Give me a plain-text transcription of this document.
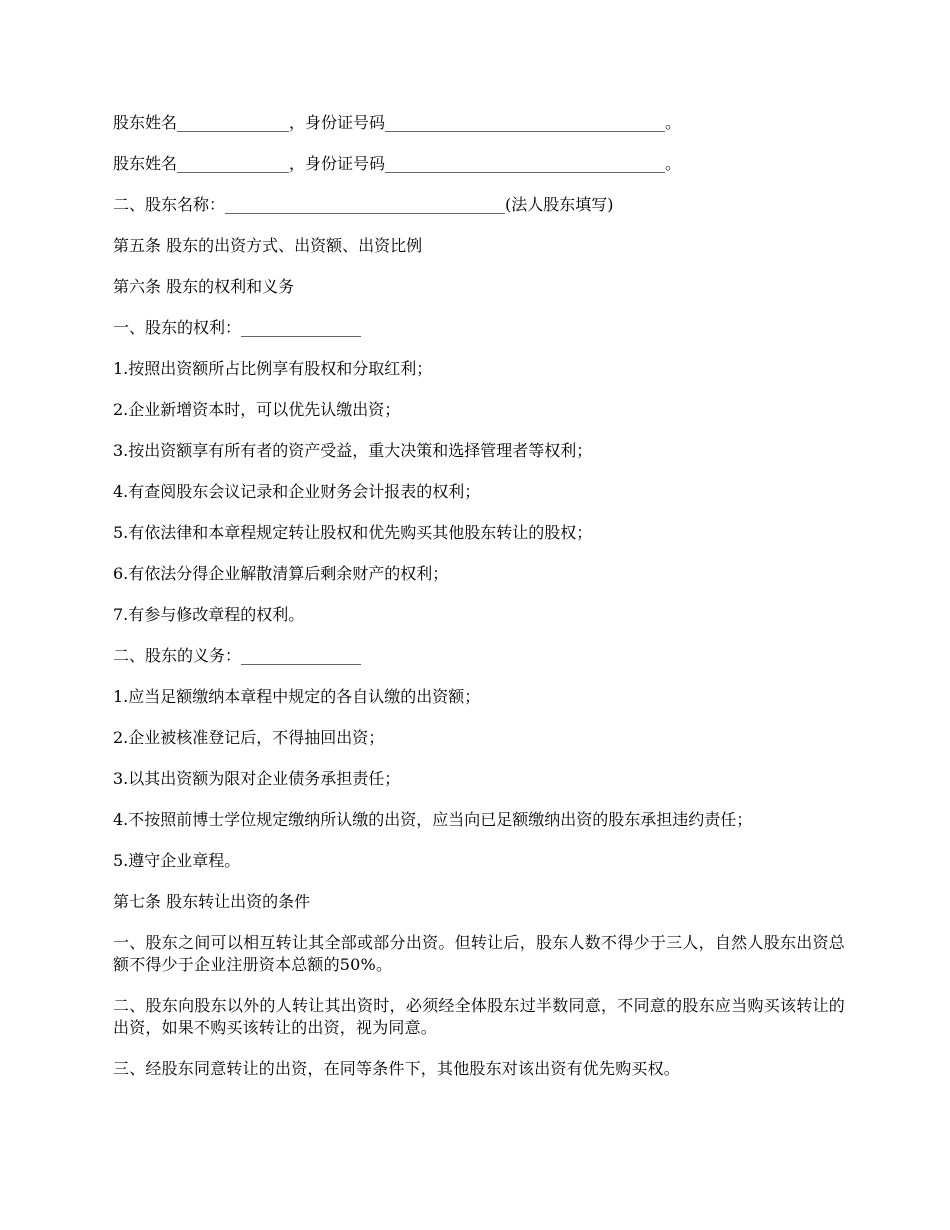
股东姓名______________，身份证号码___________________________________。
股东姓名______________，身份证号码___________________________________。
二、股东名称：___________________________________(法人股东填写)
第五条 股东的出资方式、出资额、出资比例
第六条 股东的权利和义务
一、股东的权利：_______________
1.按照出资额所占比例享有股权和分取红利；
2.企业新增资本时，可以优先认缴出资；
3.按出资额享有所有者的资产受益，重大决策和选择管理者等权利；
4.有查阅股东会议记录和企业财务会计报表的权利；
5.有依法律和本章程规定转让股权和优先购买其他股东转让的股权；
6.有依法分得企业解散清算后剩余财产的权利；
7.有参与修改章程的权利。
二、股东的义务：_______________
1.应当足额缴纳本章程中规定的各自认缴的出资额；
2.企业被核准登记后，不得抽回出资；
3.以其出资额为限对企业债务承担责任；
4.不按照前博士学位规定缴纳所认缴的出资，应当向已足额缴纳出资的股东承担违约责任；
5.遵守企业章程。
第七条 股东转让出资的条件

一、股东之间可以相互转让其全部或部分出资。但转让后，股东人数不得少于三人，自然人股东出资总额不得少于企业注册资本总额的50%。

二、股东向股东以外的人转让其出资时，必须经全体股东过半数同意，不同意的股东应当购买该转让的出资，如果不购买该转让的出资，视为同意。

三、经股东同意转让的出资，在同等条件下，其他股东对该出资有优先购买权。
